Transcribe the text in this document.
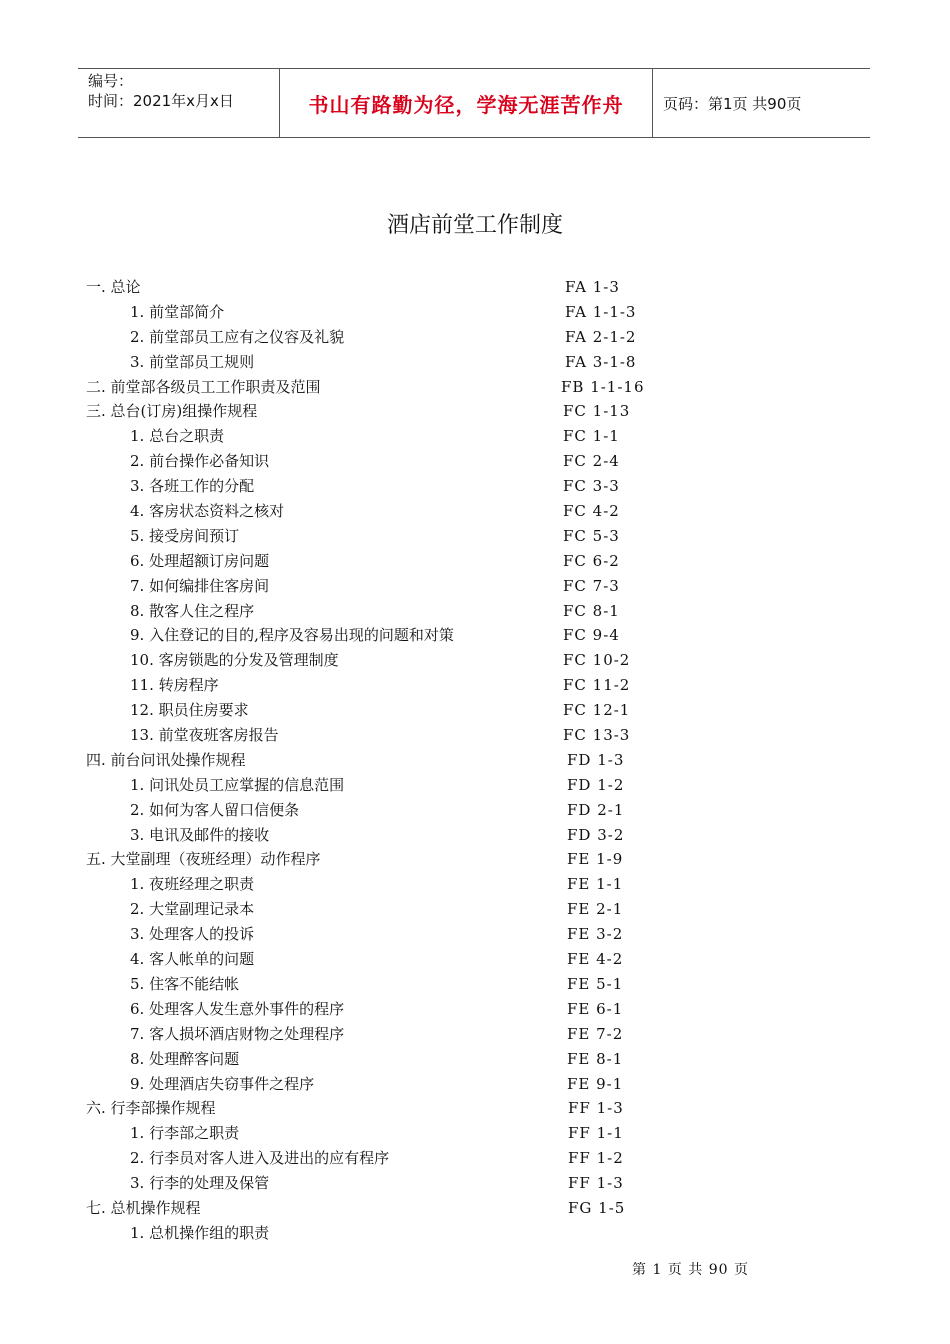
编号：
时间：2021年x月x日	书山有路勤为径，学海无涯苦作舟	页码：第1页 共90页
酒店前堂工作制度
一. 总论	FA 1-3
1. 前堂部简介	FA 1-1-3
2. 前堂部员工应有之仪容及礼貌	FA 2-1-2
3. 前堂部员工规则	FA 3-1-8
二. 前堂部各级员工工作职责及范围	FB 1-1-16
三. 总台(订房)组操作规程	FC 1-13
1. 总台之职责	FC 1-1
2. 前台操作必备知识	FC 2-4
3. 各班工作的分配	FC 3-3
4. 客房状态资料之核对	FC 4-2
5. 接受房间预订	FC 5-3
6. 处理超额订房问题	FC 6-2
7. 如何编排住客房间	FC 7-3
8. 散客人住之程序	FC 8-1
9. 入住登记的目的,程序及容易出现的问题和对策	FC 9-4
10. 客房锁匙的分发及管理制度	FC 10-2
11. 转房程序	FC 11-2
12. 职员住房要求	FC 12-1
13. 前堂夜班客房报告	FC 13-3
四. 前台问讯处操作规程	FD 1-3
1. 问讯处员工应掌握的信息范围	FD 1-2
2. 如何为客人留口信便条	FD 2-1
3. 电讯及邮件的接收	FD 3-2
五. 大堂副理（夜班经理）动作程序	FE 1-9
1. 夜班经理之职责	FE 1-1
2. 大堂副理记录本	FE 2-1
3. 处理客人的投诉	FE 3-2
4. 客人帐单的问题	FE 4-2
5. 住客不能结帐	FE 5-1
6. 处理客人发生意外事件的程序	FE 6-1
7. 客人损坏酒店财物之处理程序	FE 7-2
8. 处理醉客问题	FE 8-1
9. 处理酒店失窃事件之程序	FE 9-1
六. 行李部操作规程	FF 1-3
1. 行李部之职责	FF 1-1
2. 行李员对客人进入及进出的应有程序	FF 1-2
3. 行李的处理及保管	FF 1-3
七. 总机操作规程	FG 1-5
1. 总机操作组的职责
第 1 页 共 90 页
